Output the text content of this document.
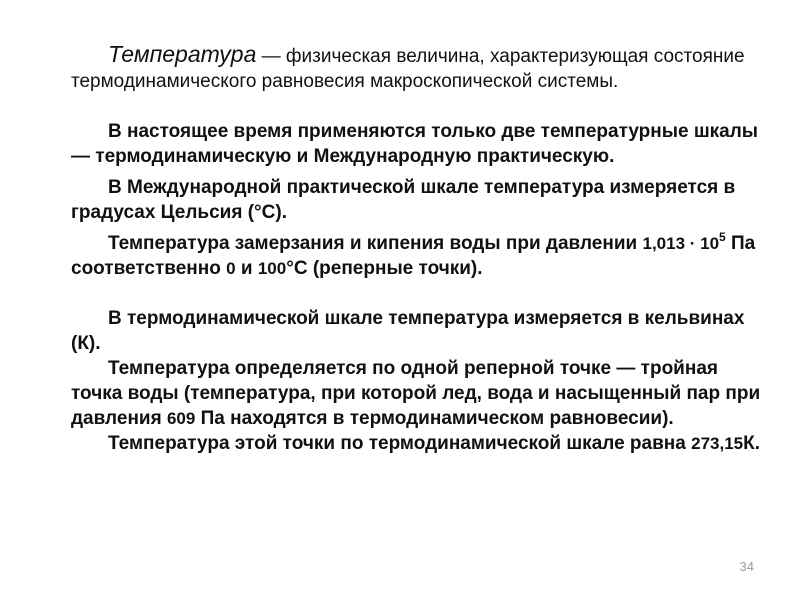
Температура — физическая величина, характеризующая состояние термодинамического равновесия макроскопической системы.

В настоящее время применяются только две температурные шкалы — термодинамическую и Международную практическую.

В Международной практической шкале температура измеряется в градусах Цельсия (°С).

Температура замерзания и кипения воды при давлении $1,013 \cdot 10^5$ Па соответственно 0 и 100°С (реперные точки).

В термодинамической шкале температура измеряется в кельвинах (К).

Температура определяется по одной реперной точке — тройная точка воды (температура, при которой лед, вода и насыщенный пар при давления 609 Па находятся в термодинамическом равновесии).

Температура этой точки по термодинамической шкале равна 273,15К.

34
